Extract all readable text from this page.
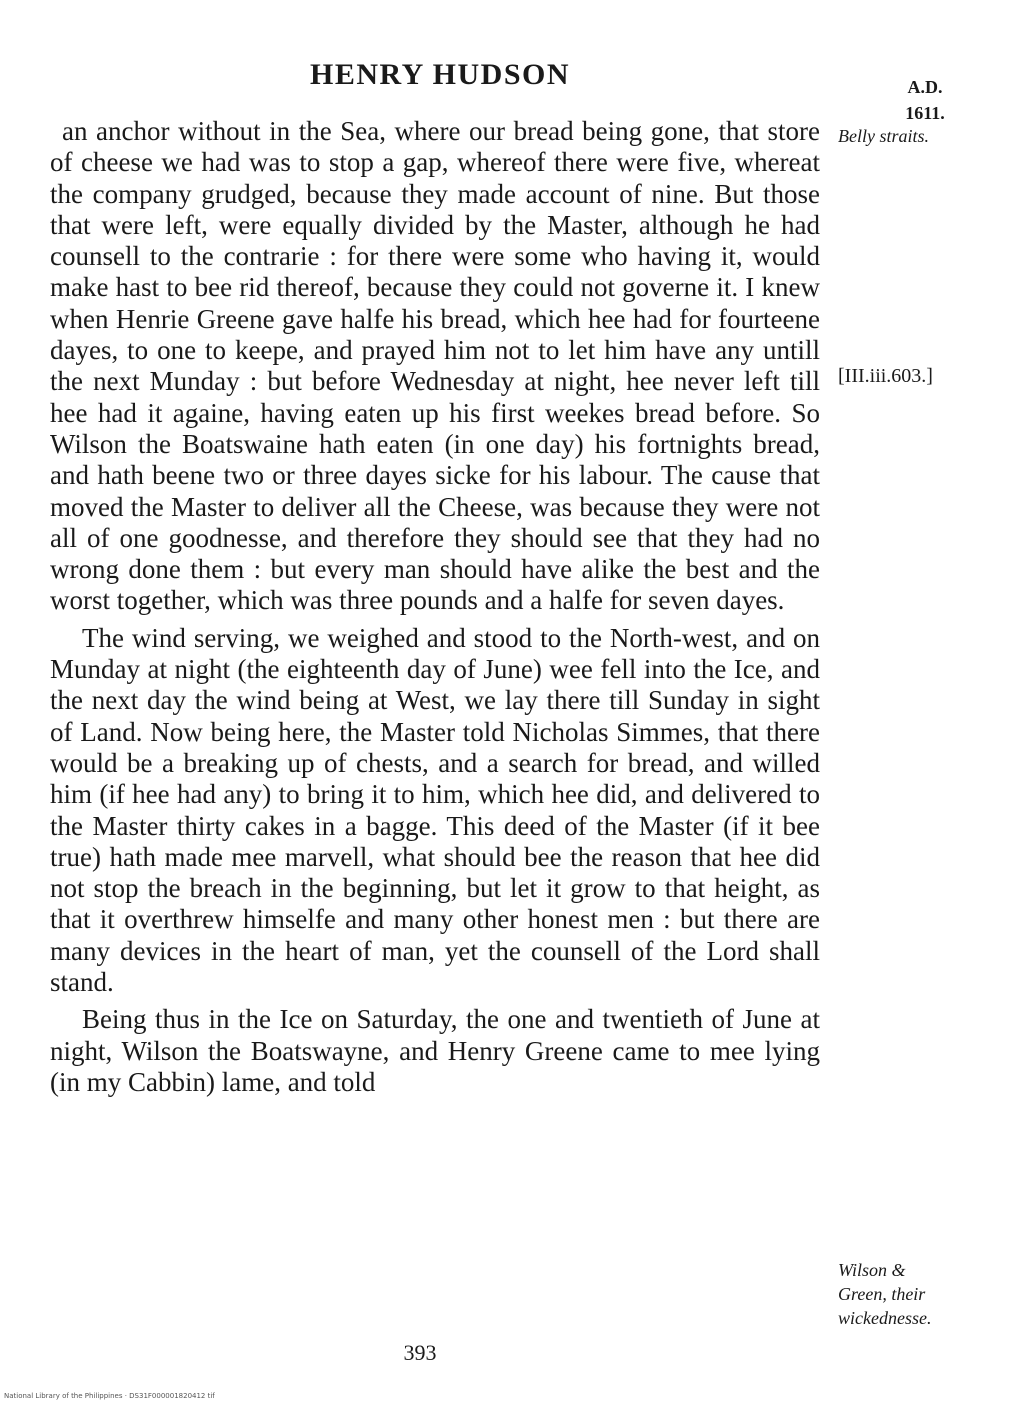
HENRY HUDSON	A.D.
1611.

an anchor without in the Sea, where our bread being gone, that store of cheese we had was to stop a gap, whereof there were five, whereat the company grudged, because they made account of nine. But those that were left, were equally divided by the Master, although he had counsell to the contrarie : for there were some who having it, would make hast to bee rid thereof, because they could not governe it. I knew when Henrie Greene gave halfe his bread, which hee had for fourteene dayes, to one to keepe, and prayed him not to let him have any untill the next Munday : but before Wednesday at night, hee never left till hee had it againe, having eaten up his first weekes bread before. So Wilson the Boatswaine hath eaten (in one day) his fortnights bread, and hath beene two or three dayes sicke for his labour. The cause that moved the Master to deliver all the Cheese, was because they were not all of one goodnesse, and therefore they should see that they had no wrong done them : but every man should have alike the best and the worst together, which was three pounds and a halfe for seven dayes.

The wind serving, we weighed and stood to the North-west, and on Munday at night (the eighteenth day of June) wee fell into the Ice, and the next day the wind being at West, we lay there till Sunday in sight of Land. Now being here, the Master told Nicholas Simmes, that there would be a breaking up of chests, and a search for bread, and willed him (if hee had any) to bring it to him, which hee did, and delivered to the Master thirty cakes in a bagge. This deed of the Master (if it bee true) hath made mee marvell, what should bee the reason that hee did not stop the breach in the beginning, but let it grow to that height, as that it overthrew himselfe and many other honest men : but there are many devices in the heart of man, yet the counsell of the Lord shall stand.

Being thus in the Ice on Saturday, the one and twentieth of June at night, Wilson the Boatswayne, and Henry Greene came to mee lying (in my Cabbin) lame, and told

Belly straits.
[III.iii.603.]
Wilson &
Green, their
wickednesse.
393
National Library of the Philippines · DS31F000001820412 tif
